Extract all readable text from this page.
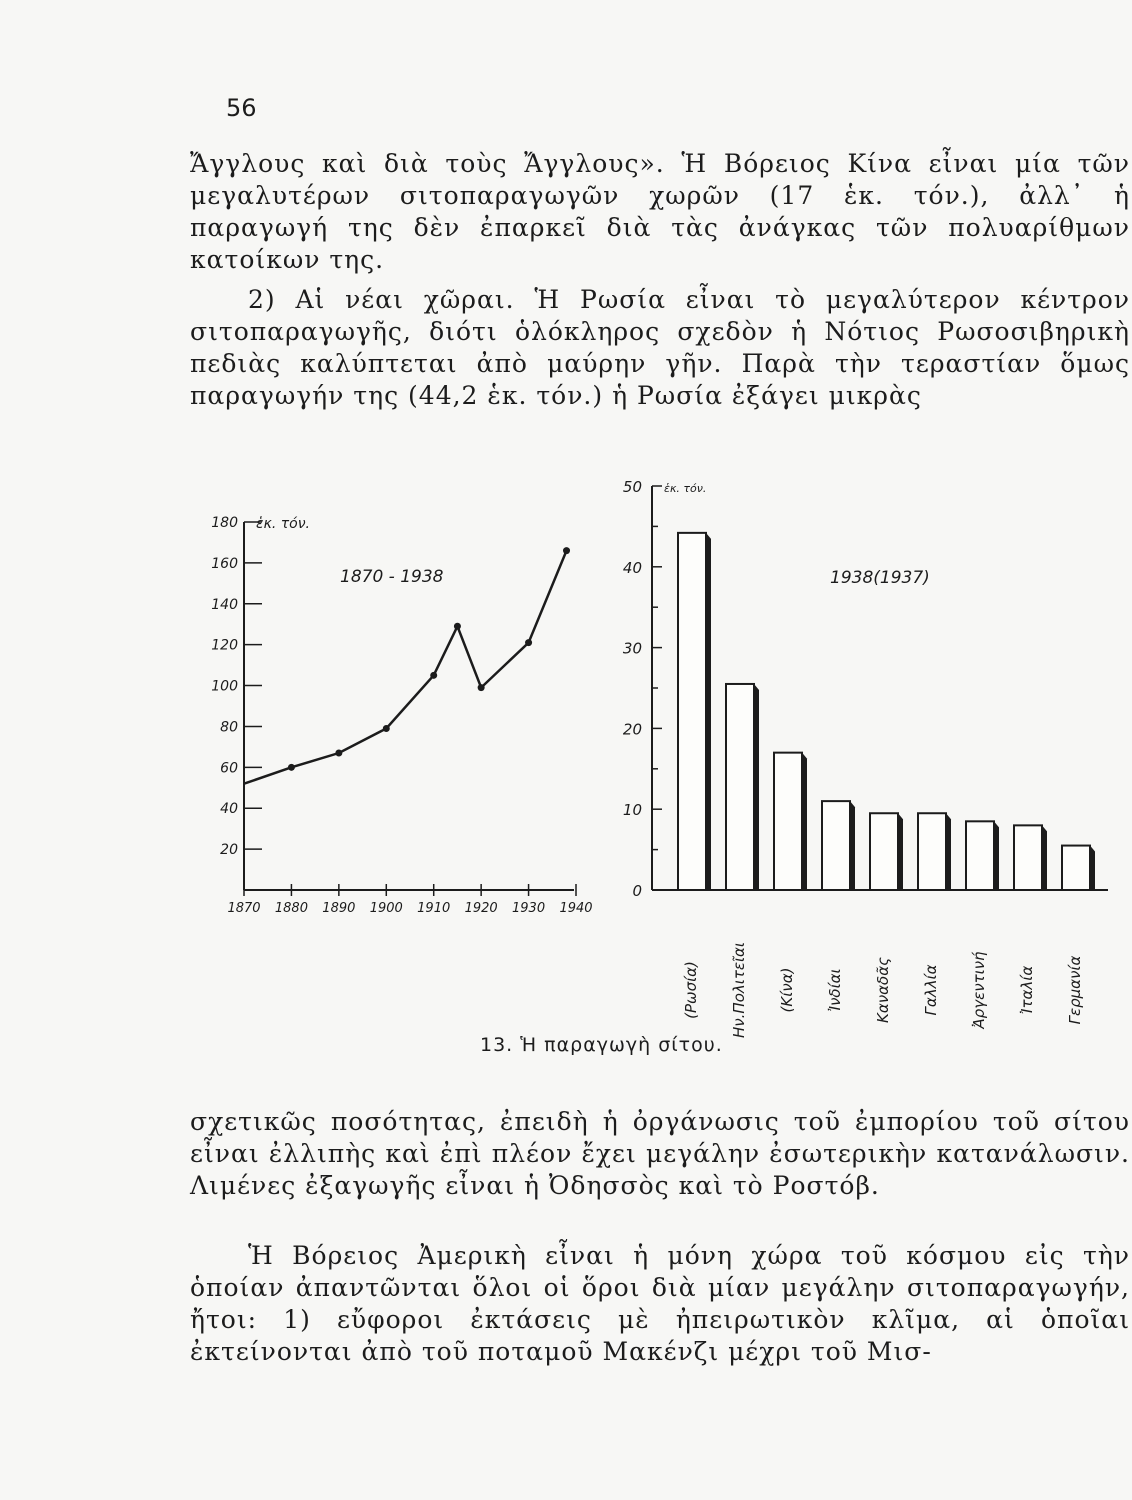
56

Ἄγγλους καὶ διὰ τοὺς Ἄγγλους». Ἡ Βόρειος Κίνα εἶναι μία τῶν μεγαλυτέρων σιτοπαραγωγῶν χωρῶν (17 ἑκ. τόν.), ἀλλ᾽ ἡ παραγωγή της δὲν ἐπαρκεῖ διὰ τὰς ἀνάγκας τῶν πολυαρίθμων κατοίκων της.

2) Αἱ νέαι χῶραι. Ἡ Ρωσία εἶναι τὸ μεγαλύτερον κέντρον σιτοπαραγωγῆς, διότι ὁλόκληρος σχεδὸν ἡ Νότιος Ρωσοσιβηρικὴ πεδιὰς καλύπτεται ἀπὸ μαύρην γῆν. Παρὰ τὴν τεραστίαν ὅμως παραγωγήν της (44,2 ἑκ. τόν.) ἡ Ρωσία ἐξάγει μικρὰς

20
40
60
80
100
120
140
160
180
1870 1880 1890 1900 1910 1920 1930 1940
ἑκ. τόν.
1870 - 1938
0
10
20
30
40
50 ἑκ. τόν.
1938(1937)
(Ρωσία) Ην.Πολιτεῖαι (Κίνα) Ἰνδίαι Καναδᾶς Γαλλία Ἀργεντινή Ἰταλία Γερμανία
13. Ἡ παραγωγὴ σίτου.

σχετικῶς ποσότητας, ἐπειδὴ ἡ ὀργάνωσις τοῦ ἐμπορίου τοῦ σίτου εἶναι ἐλλιπὴς καὶ ἐπὶ πλέον ἔχει μεγάλην ἐσωτερικὴν κατανάλωσιν. Λιμένες ἐξαγωγῆς εἶναι ἡ Ὀδησσὸς καὶ τὸ Ροστόβ.

Ἡ Βόρειος Ἀμερικὴ εἶναι ἡ μόνη χώρα τοῦ κόσμου εἰς τὴν ὁποίαν ἀπαντῶνται ὅλοι οἱ ὅροι διὰ μίαν μεγάλην σιτοπαραγωγήν, ἤτοι: 1) εὔφοροι ἐκτάσεις μὲ ἠπειρωτικὸν κλῖμα, αἱ ὁποῖαι ἐκτείνονται ἀπὸ τοῦ ποταμοῦ Μακένζι μέχρι τοῦ Μισ-
